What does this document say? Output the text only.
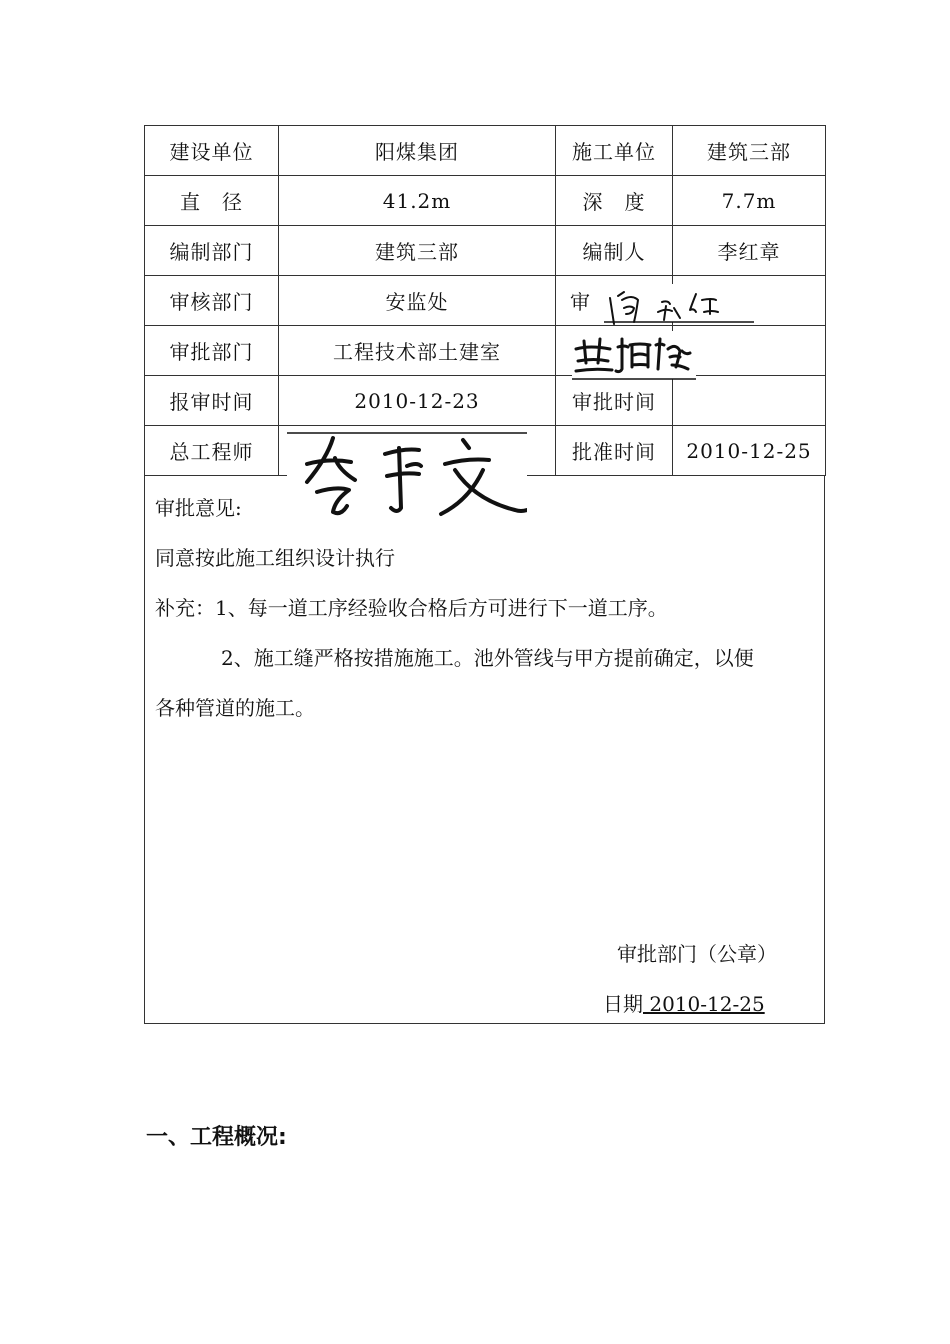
建设单位	阳煤集团	施工单位	建筑三部
直　径	41.2m	深　度	7.7m
编制部门	建筑三部	编制人	李红章
审核部门	安监处	审	
审批部门	工程技术部土建室		
报审时间	2010-12-23	审批时间	
总工程师		批准时间	2010-12-25
审批意见:
同意按此施工组织设计执行
补充：1、每一道工序经验收合格后方可进行下一道工序。
2、施工缝严格按措施施工。池外管线与甲方提前确定，以便
各种管道的施工。
审批部门（公章）
日期 2010-12-25
一、工程概况:
